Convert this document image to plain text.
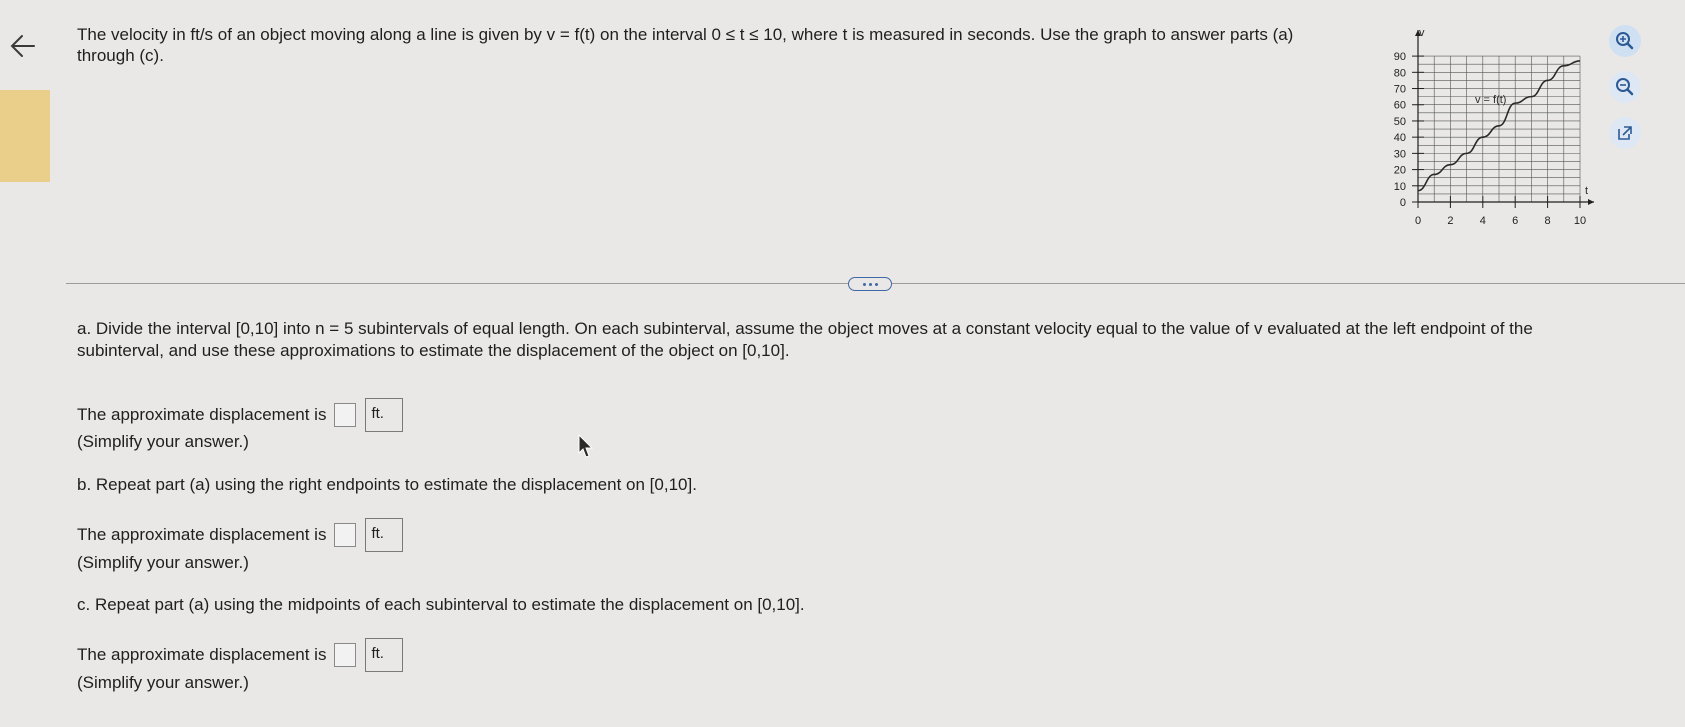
The velocity in ft/s of an object moving along a line is given by v = f(t) on the interval 0 ≤ t ≤ 10, where t is measured in seconds. Use the graph to answer parts (a) through (c).	90
80
70
60
50
40
30
20
10
0
0 2 4 6 8 10
v = f(t)
v
t
a. Divide the interval [0,10] into n = 5 subintervals of equal length. On each subinterval, assume the object moves at a constant velocity equal to the value of v evaluated at the left endpoint of the subinterval, and use these approximations to estimate the displacement of the object on [0,10].
The approximate displacement is	ft.
(Simplify your answer.)
b. Repeat part (a) using the right endpoints to estimate the displacement on [0,10].
The approximate displacement is	ft.
(Simplify your answer.)
c. Repeat part (a) using the midpoints of each subinterval to estimate the displacement on [0,10].
The approximate displacement is	ft.
(Simplify your answer.)
